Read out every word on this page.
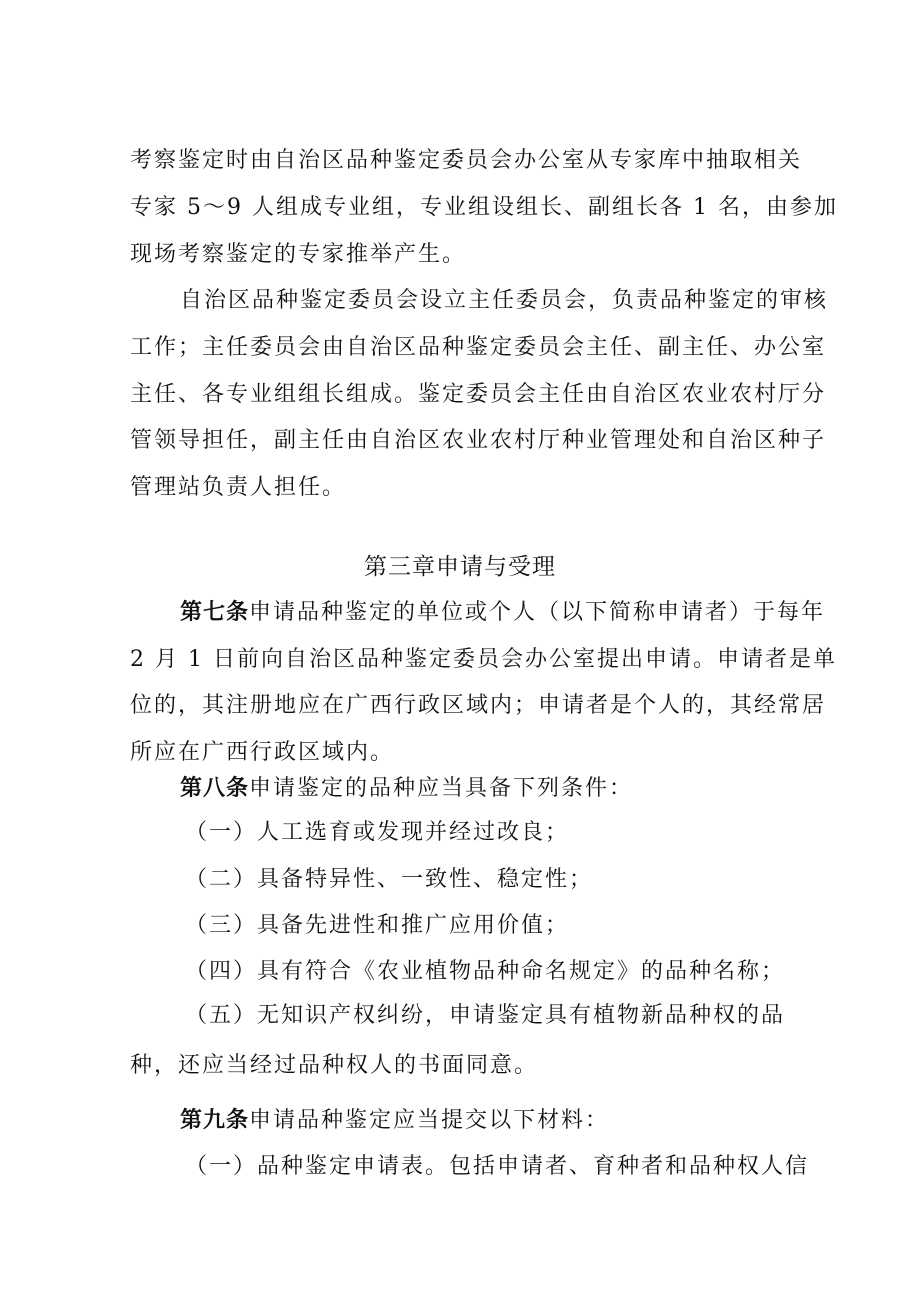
考察鉴定时由自治区品种鉴定委员会办公室从专家库中抽取相关
专家 5～9 人组成专业组，专业组设组长、副组长各 1 名，由参加
现场考察鉴定的专家推举产生。
自治区品种鉴定委员会设立主任委员会，负责品种鉴定的审核
工作；主任委员会由自治区品种鉴定委员会主任、副主任、办公室
主任、各专业组组长组成。鉴定委员会主任由自治区农业农村厅分
管领导担任，副主任由自治区农业农村厅种业管理处和自治区种子
管理站负责人担任。
第三章申请与受理
第七条申请品种鉴定的单位或个人（以下简称申请者）于每年
2 月 1 日前向自治区品种鉴定委员会办公室提出申请。申请者是单
位的，其注册地应在广西行政区域内；申请者是个人的，其经常居
所应在广西行政区域内。
第八条申请鉴定的品种应当具备下列条件：
（一）人工选育或发现并经过改良；
（二）具备特异性、一致性、稳定性；
（三）具备先进性和推广应用价值；
（四）具有符合《农业植物品种命名规定》的品种名称；
（五）无知识产权纠纷，申请鉴定具有植物新品种权的品
种，还应当经过品种权人的书面同意。
第九条申请品种鉴定应当提交以下材料：
（一）品种鉴定申请表。包括申请者、育种者和品种权人信
